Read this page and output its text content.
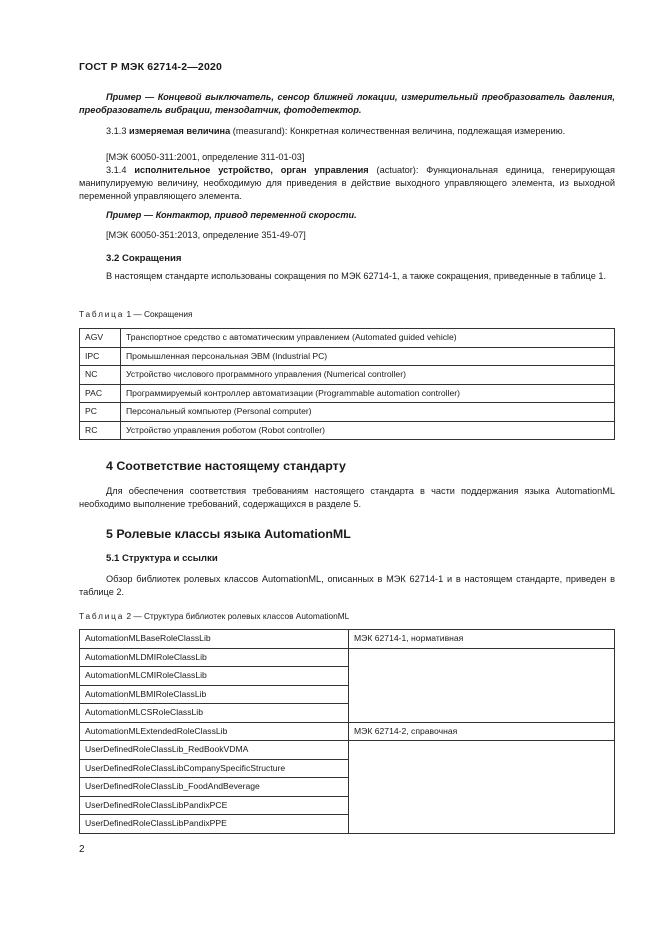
ГОСТ Р МЭК 62714-2—2020
Пример — Концевой выключатель, сенсор ближней локации, измерительный преобразователь давления, преобразователь вибрации, тензодатчик, фотодетектор.
3.1.3 измеряемая величина (measurand): Конкретная количественная величина, подлежащая измерению.
[МЭК 60050-311:2001, определение 311-01-03]
3.1.4 исполнительное устройство, орган управления (actuator): Функциональная единица, генерирующая манипулируемую величину, необходимую для приведения в действие выходного управляющего элемента, из выходной переменной управляющего элемента.
Пример — Контактор, привод переменной скорости.
[МЭК 60050-351:2013, определение 351-49-07]
3.2 Сокращения
В настоящем стандарте использованы сокращения по МЭК 62714-1, а также сокращения, приведенные в таблице 1.
Таблица 1 — Сокращения
AGV	Транспортное средство с автоматическим управлением (Automated guided vehicle)
IPC	Промышленная персональная ЭВМ (Industrial PC)
NC	Устройство числового программного управления (Numerical controller)
PAC	Программируемый контроллер автоматизации (Programmable automation controller)
PC	Персональный компьютер (Personal computer)
RC	Устройство управления роботом (Robot controller)
4 Соответствие настоящему стандарту
Для обеспечения соответствия требованиям настоящего стандарта в части поддержания языка AutomationML необходимо выполнение требований, содержащихся в разделе 5.
5 Ролевые классы языка AutomationML
5.1 Структура и ссылки
Обзор библиотек ролевых классов AutomationML, описанных в МЭК 62714-1 и в настоящем стандарте, приведен в таблице 2.
Таблица 2 — Структура библиотек ролевых классов AutomationML
AutomationMLBaseRoleClassLib	МЭК 62714-1, нормативная
AutomationMLDMIRoleClassLib	
AutomationMLCMIRoleClassLib	
AutomationMLBMIRoleClassLib	
AutomationMLCSRoleClassLib	
AutomationMLExtendedRoleClassLib	МЭК 62714-2, справочная
UserDefinedRoleClassLib_RedBookVDMA	
UserDefinedRoleClassLibCompanySpecificStructure	
UserDefinedRoleClassLib_FoodAndBeverage	
UserDefinedRoleClassLibPandixPCE	
UserDefinedRoleClassLibPandixPPE	
2
